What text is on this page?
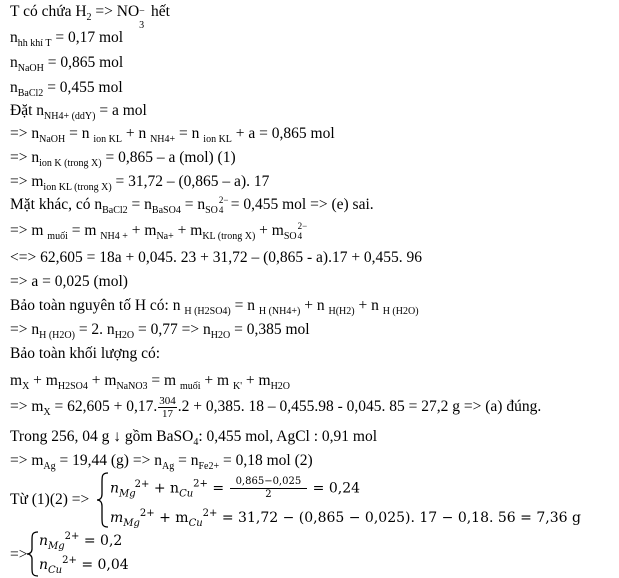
T có chứa $H_2$ => NO −
3
hết
$n_{hh khí T} = 0,17$ mol
$n_{NaOH} = 0,865$ mol
$n_{BaCl2} = 0,455$ mol
Đặt $n_{NH4+ (ddY)} = a$ mol
=> $n_{NaOH} = n$ $_{ion KL}$ + n $_{NH4+}$ = n $_{ion KL}$ + a = 0,865 mol
=> $n_{ion K (trong X)} = 0,865 - a$ (mol) (1)
=> $m_{ion KL (trong X)} = 31,72 - (0,865 - a)$. 17
Mặt khác, có $n_{BaCl2} = n_{BaSO4} = n_{SO 2- 4} = 0,455$ mol => (e) sai.
=> m $_{muối}$ = m $_{NH4 +} + m_{Na+} + m_{KL (trong X)} + m_{SO 2- 4}$
<=> 62,605 = 18a + 0,045. 23 + 31,72 – (0,865 - a).17 + 0,455. 96
=> a = 0,025 (mol)
Bảo toàn nguyên tố H có: n $_{H (H2SO4)}$ = n $_{H (NH4+)}$ + n $_{H(H2)}$ + n $_{H (H2O)}$
=> $n_{H (H2O)} = 2$. $n_{H2O} = 0,77 => n_{H2O} = 0,385$ mol
Bảo toàn khối lượng có:
$m_X + m_{H2SO4} + m_{NaNO3} = m$ $_{muối}$ + m $_{K'} + m_{H2O}$
=> $m_X = 62,605 + 0,17$. $\frac{304}{17} .2 + 0,385$. 18 – 0,455.98 - 0,045. 85 = 27,2 g => (a) đúng.
Trong 256, 04 g ↓ gồm BaSO$_4$: 0,455 mol, AgCl : 0,91 mol
=> $m_{Ag} = 19,44$ $(g) => n_{Ag} = n_{Fe2+} = 0,18$ mol (2)
Từ (1)(2) =>
$n_{Mg}^{2+} + n_{Cu}^{2+} = \frac{0,865-0,025}{2} = 0,24$
$m_{Mg}^{2+} + m_{Cu}^{2+} = 31,72 - (0,865 - 0,025)$. 17 − 0,18. 56 = 7,36 g
=>
$n_{Mg}^{2+} = 0,2$
$n_{Cu}^{2+} = 0,04$
